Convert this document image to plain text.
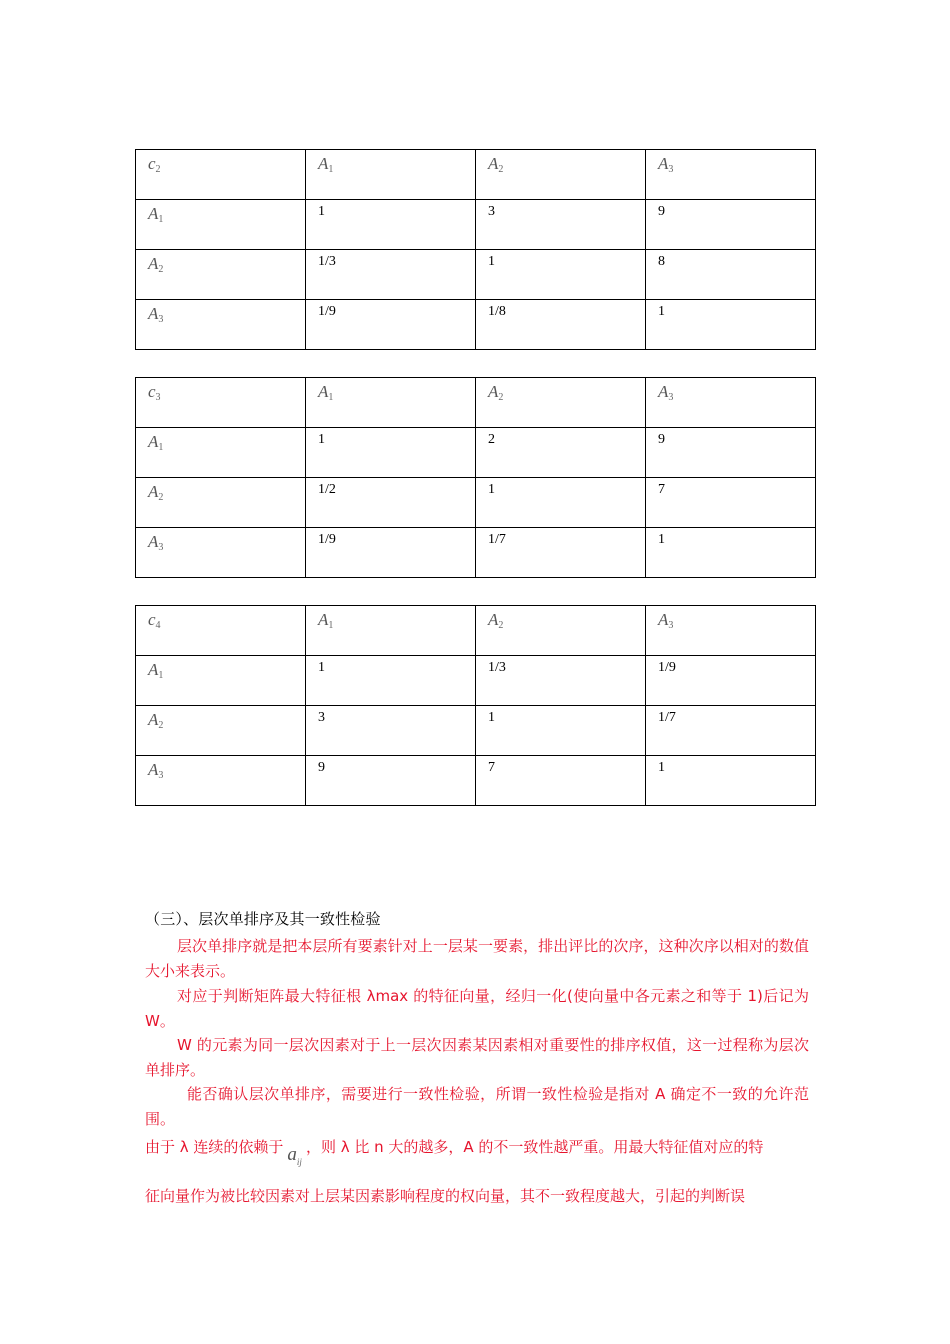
$c_2$	$A_1$	$A_2$	$A_3$
$A_1$	1	3	9
$A_2$	1/3	1	8
$A_3$	1/9	1/8	1
$c_3$	$A_1$	$A_2$	$A_3$
$A_1$	1	2	9
$A_2$	1/2	1	7
$A_3$	1/9	1/7	1
$c_4$	$A_1$	$A_2$	$A_3$
$A_1$	1	1/3	1/9
$A_2$	3	1	1/7
$A_3$	9	7	1
（三）、层次单排序及其一致性检验
层次单排序就是把本层所有要素针对上一层某一要素，排出评比的次序，这种次序以相对的数值大小来表示。
对应于判断矩阵最大特征根 λmax 的特征向量，经归一化(使向量中各元素之和等于 1)后记为 W。
W 的元素为同一层次因素对于上一层次因素某因素相对重要性的排序权值，这一过程称为层次单排序。
能否确认层次单排序，需要进行一致性检验，所谓一致性检验是指对 A 确定不一致的允许范围。
由于 λ 连续的依赖于 $a_{ij}$，则 λ 比 n 大的越多，A 的不一致性越严重。用最大特征值对应的特
征向量作为被比较因素对上层某因素影响程度的权向量，其不一致程度越大，引起的判断误
